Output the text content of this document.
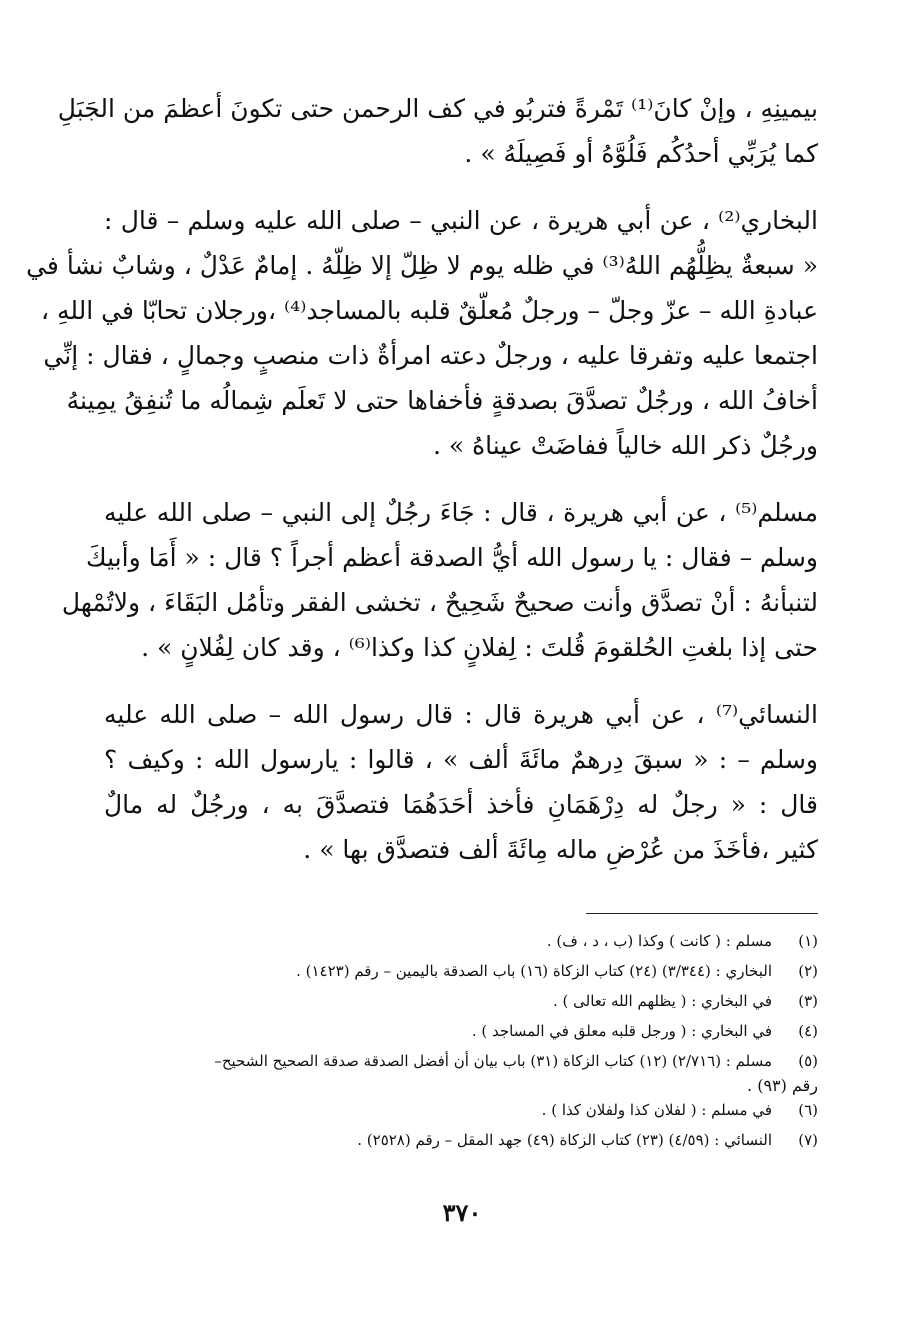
بيمينِهِ ، وإنْ كانَ⁽¹⁾ تَمْرةً فتربُو في كف الرحمن حتى تكونَ أعظمَ من الجَبَلِ
كما يُرَبِّي أحدُكُم فَلُوَّهُ أو فَصِيلَهُ » .
البخاري⁽²⁾ ، عن أبي هريرة ، عن النبي – صلى الله عليه وسلم – قال :
« سبعةٌ يظِلُّهُم اللهُ⁽³⁾ في ظله يوم لا ظِلّ إلا ظِلّهُ . إمامٌ عَدْلٌ ، وشابٌ نشأ في
عبادةِ الله – عزّ وجلّ – ورجلٌ مُعلّقٌ قلبه بالمساجد⁽⁴⁾ ،ورجلان تحابّا في اللهِ ،
اجتمعا عليه وتفرقا عليه ، ورجلٌ دعته امرأةٌ ذات منصبٍ وجمالٍ ، فقال : إنِّي
أخافُ الله ، ورجُلٌ تصدَّقَ بصدقةٍ فأخفاها حتى لا تَعلَم شِمالُه ما تُنفِقُ يمِينهُ
ورجُلٌ ذكر الله خالياً ففاضَتْ عيناهُ » .
مسلم⁽⁵⁾ ، عن أبي هريرة ، قال : جَاءَ رجُلٌ إلى النبي – صلى الله عليه
وسلم – فقال : يا رسول الله أيُّ الصدقة أعظم أجراً ؟ قال : « أَمَا وأبيكَ
لتنبأنهُ : أنْ تصدَّق وأنت صحيحٌ شَحِيحٌ ، تخشى الفقر وتأمُل البَقَاءَ ، ولاتُمْهل
حتى إذا بلغتِ الحُلقومَ قُلتَ : لِفلانٍ كذا وكذا⁽⁶⁾ ، وقد كان لِفُلانٍ » .
النسائي⁽⁷⁾ ، عن أبي هريرة قال : قال رسول الله – صلى الله عليه
وسلم – : « سبقَ دِرهمٌ مائَةَ ألف » ، قالوا : يارسول الله : وكيف ؟
قال : « رجلٌ له دِرْهَمَانِ فأخذ أحَدَهُمَا فتصدَّقَ به ، ورجُلٌ له مالٌ
كثير ،فأخَذَ من عُرْضِ ماله مِائَةَ ألف فتصدَّق بها » .
(١)
مسلم : ( كانت ) وكذا (ب ، د ، ف) .
(٢)
البخاري : (٣/٣٤٤) (٢٤) كتاب الزكاة (١٦) باب الصدقة باليمين – رقم (١٤٢٣) .
(٣)
في البخاري : ( يظلهم الله تعالى ) .
(٤)
في البخاري : ( ورجل قلبه معلق في المساجد ) .
(٥)
مسلم : (٢/٧١٦) (١٢) كتاب الزكاة (٣١) باب بيان أن أفضل الصدقة صدقة الصحيح الشحيح–
رقم (٩٣) .
(٦)
في مسلم : ( لفلان كذا ولفلان كذا ) .
(٧)
النسائي : (٤/٥٩) (٢٣) كتاب الزكاة (٤٩) جهد المقل – رقم (٢٥٢٨) .
٣٧٠
